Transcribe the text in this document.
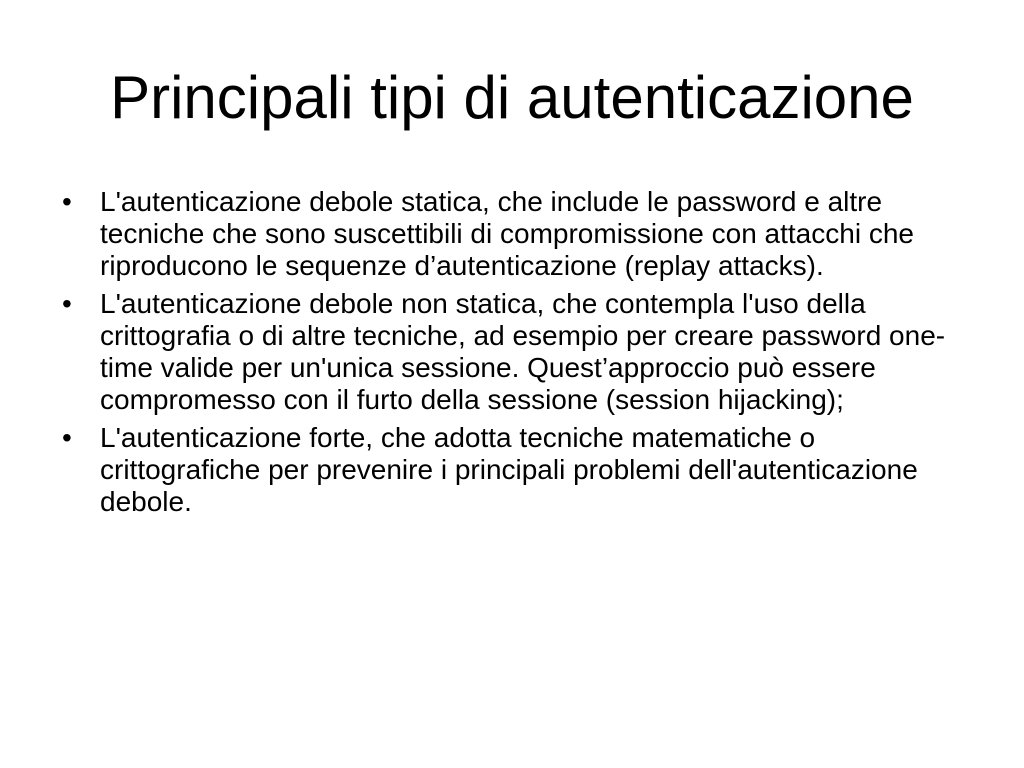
Principali tipi di autenticazione
•	L'autenticazione debole statica, che include le password e altre tecniche che sono suscettibili di compromissione con attacchi che riproducono le sequenze d’autenticazione (replay attacks).
•	L'autenticazione debole non statica, che contempla l'uso della crittografia o di altre tecniche, ad esempio per creare password one-time valide per un'unica sessione. Quest’approccio può essere compromesso con il furto della sessione (session hijacking);
•	L'autenticazione forte, che adotta tecniche matematiche o crittografiche per prevenire i principali problemi dell'autenticazione debole.
